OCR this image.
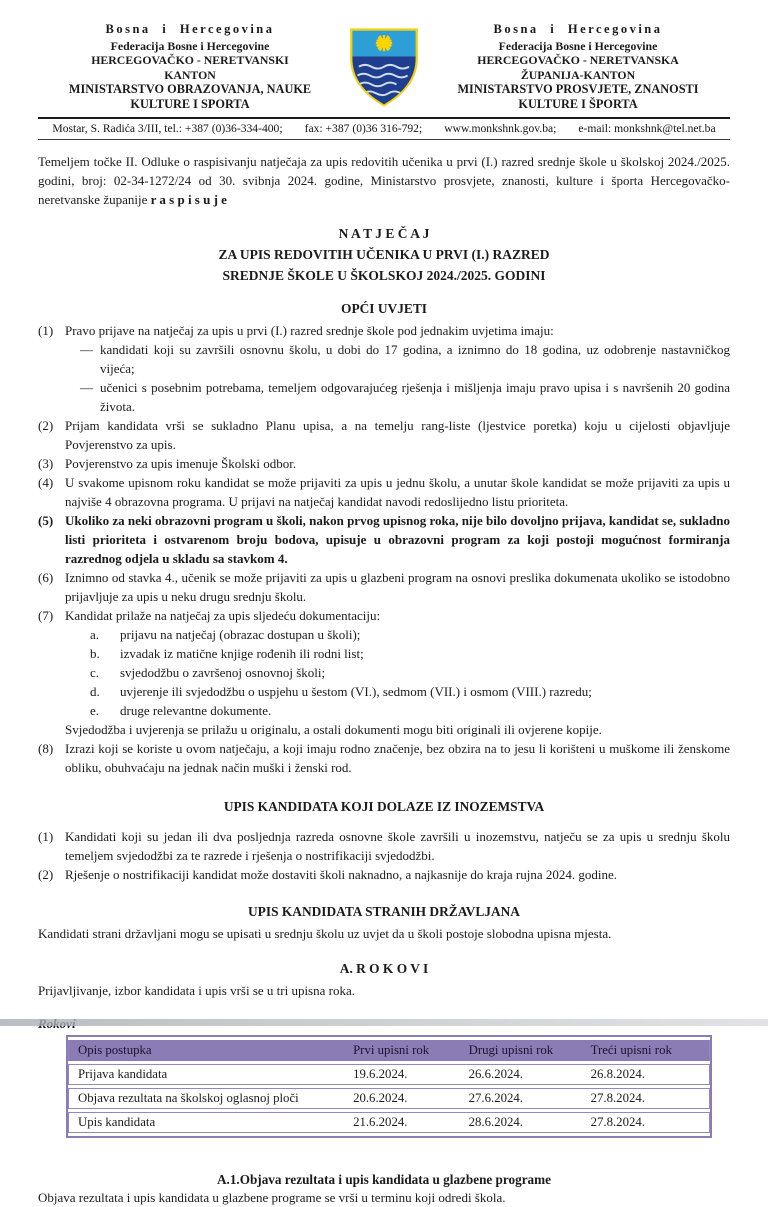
Bosna i Hercegovina
Federacija Bosne i Hercegovine
HERCEGOVAČKO - NERETVANSKI
KANTON
MINISTARSTVO OBRAZOVANJA, NAUKE
KULTURE I SPORTA
Bosna i Hercegovina
Federacija Bosne i Hercegovine
HERCEGOVAČKO - NERETVANSKA
ŽUPANIJA-KANTON
MINISTARSTVO PROSVJETE, ZNANOSTI
KULTURE I ŠPORTA
Mostar, S. Radića 3/III, tel.: +387 (0)36-334-400; fax: +387 (0)36 316-792; www.monkshnk.gov.ba; e-mail: monkshnk@tel.net.ba

Temeljem točke II. Odluke o raspisivanju natječaja za upis redovitih učenika u prvi (I.) razred srednje škole u školskoj 2024./2025. godini, broj: 02-34-1272/24 od 30. svibnja 2024. godine, Ministarstvo prosvjete, znanosti, kulture i športa Hercegovačko-neretvanske županije r a s p i s u j e

N A T J E Č A J
ZA UPIS REDOVITIH UČENIKA U PRVI (I.) RAZRED
SREDNJE ŠKOLE U ŠKOLSKOJ 2024./2025. GODINI
OPĆI UVJETI
(1) Pravo prijave na natječaj za upis u prvi (I.) razred srednje škole pod jednakim uvjetima imaju:
— kandidati koji su završili osnovnu školu, u dobi do 17 godina, a iznimno do 18 godina, uz odobrenje nastavničkog vijeća;
— učenici s posebnim potrebama, temeljem odgovarajućeg rješenja i mišljenja imaju pravo upisa i s navršenih 20 godina života.
(2) Prijam kandidata vrši se sukladno Planu upisa, a na temelju rang-liste (ljestvice poretka) koju u cijelosti objavljuje Povjerenstvo za upis.
(3) Povjerenstvo za upis imenuje Školski odbor.
(4) U svakome upisnom roku kandidat se može prijaviti za upis u jednu školu, a unutar škole kandidat se može prijaviti za upis u najviše 4 obrazovna programa. U prijavi na natječaj kandidat navodi redoslijedno listu prioriteta.
(5) Ukoliko za neki obrazovni program u školi, nakon prvog upisnog roka, nije bilo dovoljno prijava, kandidat se, sukladno listi prioriteta i ostvarenom broju bodova, upisuje u obrazovni program za koji postoji mogućnost formiranja razrednog odjela u skladu sa stavkom 4.
(6) Iznimno od stavka 4., učenik se može prijaviti za upis u glazbeni program na osnovi preslika dokumenata ukoliko se istodobno prijavljuje za upis u neku drugu srednju školu.
(7) Kandidat prilaže na natječaj za upis sljedeću dokumentaciju:
a. prijavu na natječaj (obrazac dostupan u školi);
b. izvadak iz matične knjige rođenih ili rodni list;
c. svjedodžbu o završenoj osnovnoj školi;
d. uvjerenje ili svjedodžbu o uspjehu u šestom (VI.), sedmom (VII.) i osmom (VIII.) razredu;
e. druge relevantne dokumente.
Svjedodžba i uvjerenja se prilažu u originalu, a ostali dokumenti mogu biti originali ili ovjerene kopije.
(8) Izrazi koji se koriste u ovom natječaju, a koji imaju rodno značenje, bez obzira na to jesu li korišteni u muškome ili ženskome obliku, obuhvaćaju na jednak način muški i ženski rod.
UPIS KANDIDATA KOJI DOLAZE IZ INOZEMSTVA
(1) Kandidati koji su jedan ili dva posljednja razreda osnovne škole završili u inozemstvu, natječu se za upis u srednju školu temeljem svjedodžbi za te razrede i rješenja o nostrifikaciji svjedodžbi.
(2) Rješenje o nostrifikaciji kandidat može dostaviti školi naknadno, a najkasnije do kraja rujna 2024. godine.
UPIS KANDIDATA STRANIH DRŽAVLJANA

Kandidati strani državljani mogu se upisati u srednju školu uz uvjet da u školi postoje slobodna upisna mjesta.

A. R O K O V I

Prijavljivanje, izbor kandidata i upis vrši se u tri upisna roka.

Opis postupka	Prvi upisni rok	Drugi upisni rok	Treći upisni rok
Prijava kandidata	19.6.2024.	26.6.2024.	26.8.2024.
Objava rezultata na školskoj oglasnoj ploči	20.6.2024.	27.6.2024.	27.8.2024.
Upis kandidata	21.6.2024.	28.6.2024.	27.8.2024.
A.1.Objava rezultata i upis kandidata u glazbene programe

Objava rezultata i upis kandidata u glazbene programe se vrši u terminu koji odredi škola.
